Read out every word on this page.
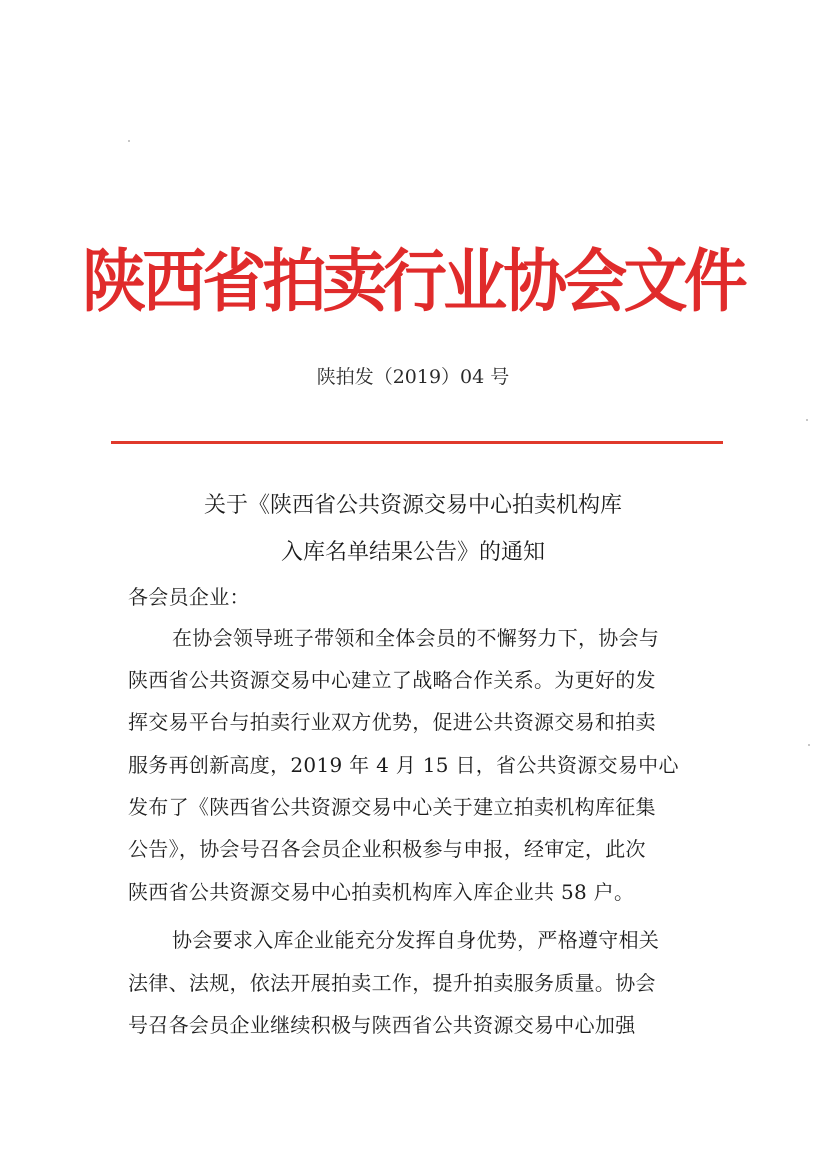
陕西省拍卖行业协会文件
陕拍发（2019）04 号
关于《陕西省公共资源交易中心拍卖机构库
入库名单结果公告》的通知
各会员企业：
在协会领导班子带领和全体会员的不懈努力下，协会与
陕西省公共资源交易中心建立了战略合作关系。为更好的发
挥交易平台与拍卖行业双方优势，促进公共资源交易和拍卖
服务再创新高度，2019 年 4 月 15 日，省公共资源交易中心
发布了《陕西省公共资源交易中心关于建立拍卖机构库征集
公告》，协会号召各会员企业积极参与申报，经审定，此次
陕西省公共资源交易中心拍卖机构库入库企业共 58 户。
协会要求入库企业能充分发挥自身优势，严格遵守相关
法律、法规，依法开展拍卖工作，提升拍卖服务质量。协会
号召各会员企业继续积极与陕西省公共资源交易中心加强
